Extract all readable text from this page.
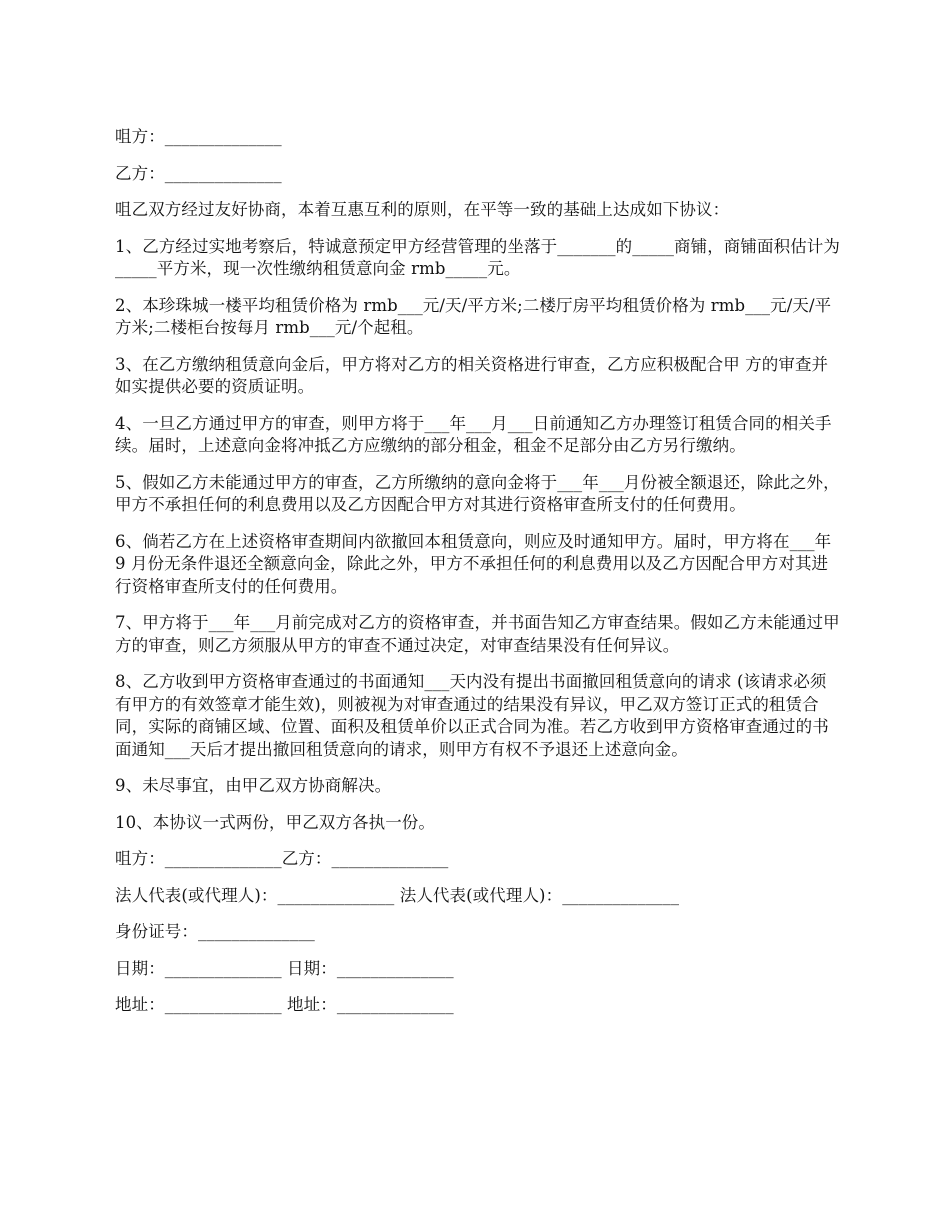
咀方：______________

乙方：______________

咀乙双方经过友好协商，本着互惠互利的原则，在平等一致的基础上达成如下协议：

1、乙方经过实地考察后，特诚意预定甲方经营管理的坐落于_______的_____商铺，商铺面积估计为_____平方米，现一次性缴纳租赁意向金 rmb_____元。

2、本珍珠城一楼平均租赁价格为 rmb___元/天/平方米;二楼厅房平均租赁价格为 rmb___元/天/平方米;二楼柜台按每月 rmb___元/个起租。

3、在乙方缴纳租赁意向金后，甲方将对乙方的相关资格进行审查，乙方应积极配合甲 方的审查并如实提供必要的资质证明。

4、一旦乙方通过甲方的审查，则甲方将于___年___月___日前通知乙方办理签订租赁合同的相关手续。届时，上述意向金将冲抵乙方应缴纳的部分租金，租金不足部分由乙方另行缴纳。

5、假如乙方未能通过甲方的审查，乙方所缴纳的意向金将于___年___月份被全额退还，除此之外，甲方不承担任何的利息费用以及乙方因配合甲方对其进行资格审查所支付的任何费用。

6、倘若乙方在上述资格审查期间内欲撤回本租赁意向，则应及时通知甲方。届时，甲方将在___年 9 月份无条件退还全额意向金，除此之外，甲方不承担任何的利息费用以及乙方因配合甲方对其进行资格审查所支付的任何费用。

7、甲方将于___年___月前完成对乙方的资格审查，并书面告知乙方审查结果。假如乙方未能通过甲方的审查，则乙方须服从甲方的审查不通过决定，对审查结果没有任何异议。

8、乙方收到甲方资格审查通过的书面通知___天内没有提出书面撤回租赁意向的请求 (该请求必须有甲方的有效签章才能生效)，则被视为对审查通过的结果没有异议，甲乙双方签订正式的租赁合同，实际的商铺区域、位置、面积及租赁单价以正式合同为准。若乙方收到甲方资格审查通过的书面通知___天后才提出撤回租赁意向的请求，则甲方有权不予退还上述意向金。

9、未尽事宜，由甲乙双方协商解决。

10、本协议一式两份，甲乙双方各执一份。

咀方：______________乙方：______________

法人代表(或代理人)：______________ 法人代表(或代理人)：______________

身份证号：______________

日期：______________ 日期：______________

地址：______________ 地址：______________
